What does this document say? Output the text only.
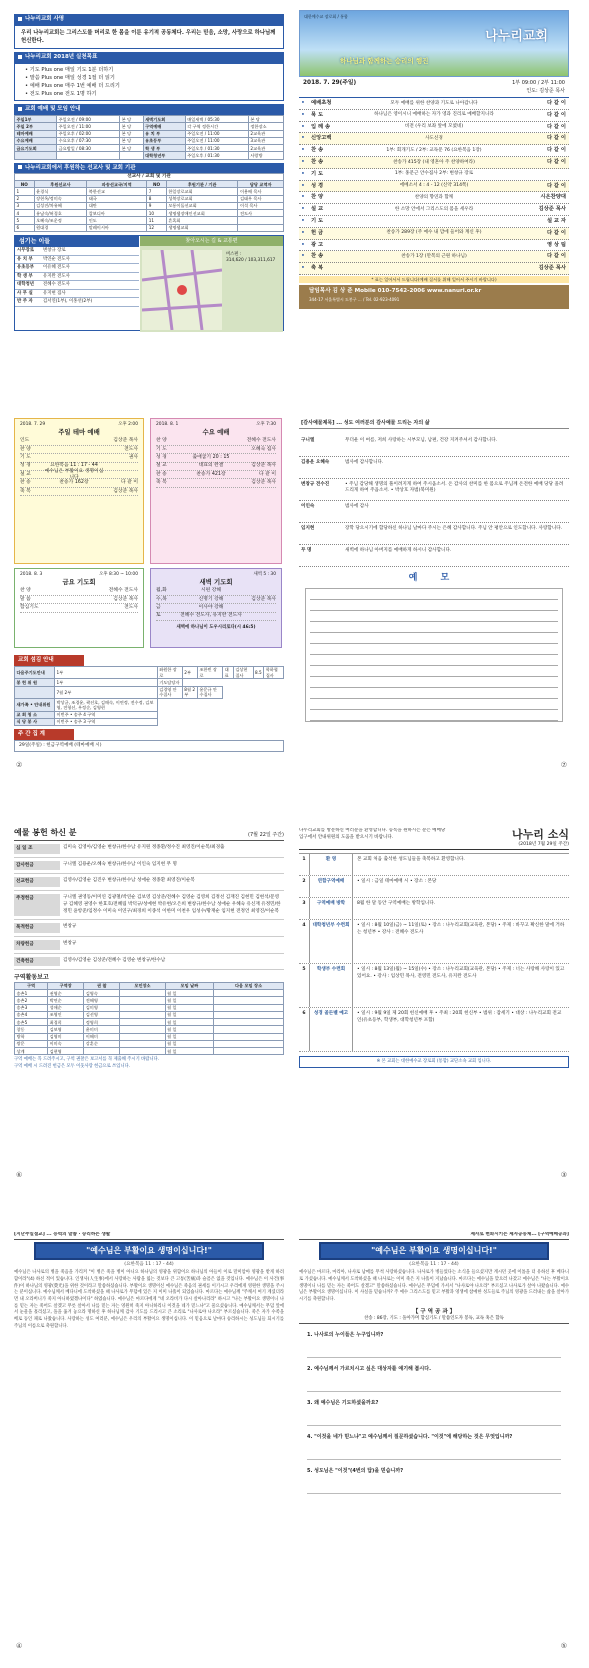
나누리교회 사명
우리 나누리교회는 그리스도를 머리로 한 몸을 이룬 유기적 공동체다. 우리는 믿음, 소망, 사랑으로 하나님께 헌신한다.
나누리교회 2018년 실천목표
• 기도 Plus one 매일 기도 1분 더하기
• 말씀 Plus one 매일 성경 1절 더 읽기
• 예배 Plus one 매주 1번 예배 더 드리기
• 전도 Plus one 전도 1명 하기
교회 예배 및 모임 안내
주일1부	주일오전 / 09:00	본 당	새벽기도회	매일새벽 / 05:30	본 당
주일 2부	주일오전 / 11:00	본 당	구역예배	각 구역 정한시간	정한장소
테마예배	주일오후 / 02:00	본 당	유 치 부	주일오전 / 11:00	2교육관
수요예배	수요오후 / 07:30	본 당	유초등부	주일오전 / 11:00	3교육관
금요기도회	금요밤일 / 08:30	본 당	학 생 부	주일오후 / 01:30	2교육관
			대학청년부	주일오후 / 01:30	사랑방
나누리교회에서 후원하는 선교사 및 교회 기관
선교사 / 교회 및 기관
NO	후원선교사	파송선교국/지역	NO	후원기관 / 기관	담당 교역자
1	윤경식	북한선교	7	한일장로교회	이용배 목사
2	장현옥/정미숙	태국	8	성북장로교회	김태우 목사
3	김성진/차유혜	대만	9	모퉁이돌선교회	이석 목사
4	유남숙/허경호	캄보디아	10	생명샘장애인선교회	전도사
5	오혜숙/조운정	인도	11	흔혹회	
6	원대경	말레이시아	12	생명샘교회	
섬기는 이들
시무장로	변창규 장로
유 치 부	박연순 전도사
유초등부	이유혜 전도사
학 생 부	유지완 전도사
대학청년	전혜수 전도사
사 무 실	유지현 집사
반 주 자	김서연(1부), 이홍선(2부)
찾아오시는 길 & 교통편
버스편 :
314,620 / 103,311,617
대한예수교 장로회 / 통합
나누리교회
하나님과 함께하는 승리의 행진
2018. 7. 29(주일)	1부 09:00 / 2부 11:00
인도: 김상준 목사
•	예배초청	모두 예배를 위한 찬양과 기도로 나아갑니다	다 같 이
•	묵 도	하나님은 영이시니 예배하는 자가 영과 진리로 예배할지니라	다 같 이
•	입 례 송	비전 (우리 보좌 앞에 모였네)	다 같 이
•	신앙고백	사도신경	다 같 이
•	찬 송	1부: 회개기도 / 2부: 교독문 76 (요한복음 1장)	다 같 이
•	찬 송	찬송가 415장 (내 영혼아 주 찬양하여라)	다 같 이
•	기 도	1부: 홍문근 안수집사 2부: 변창규 장로
•	성 경	에베소서 4 : 4 - 12 (신약 314쪽)	다 같 이
•	찬 양	찬양의 향연과 함께	시온찬양대
•	설 교	한 소망 안에서 그리스도의 몸을 세우라	김상준 목사
•	기 도	설 교 자
•	헌 금	찬송가 289장 (주 예수 내 맘에 들어와 계신 후)	다 같 이
•	광 고	영 상 팀
•	찬 송	찬송가 1장 (만복의 근원 하나님)	다 같 이
•	축 복	김상준 목사
* 표는 일어서서 드립니다(예배 질서를 위해 일어서 주시기 바랍니다)
담임목사 김 상 준 Mobile 010-7542-2006 www.nanuri.or.kr
344-17 서울특별시 도봉구 ... / Tel. 02-923-4091
2018. 7. 29	오후 2:00
주일 테마 예배
인도	김상준 목사
찬 양	전도사
기 도	권사
성 경	요한복음 11 : 17 - 44
설 교
예수님은 부활이요 생명이십니다
찬 송	찬송가 162장	다 같 이
축 복	김상준 목사
2018. 8. 1	오후 7:30
수요 예배
찬 양	전혜수 전도사
기 도	오혜숙 집사
성 경	출애굽기 20 : 15
설 교	대표의 완결	김상준 목사
찬 송	찬송가 421장	다 같 이
축 복	김상준 목사
2018. 8. 3	오후 8:30 ~ 10:00
금요 기도회
찬 양	전혜수 전도사
말 씀	김상준 목사
합심기도	전도사
새벽 5 : 30
새벽 기도회
월,화	시편 강해
수,목	신명기 강해	김상준 목사
금	이사야 강해
토	전혜수 전도사, 유지완 전도사
새벽에 하나님이 도우시리로다(시 46:5)
교회 섬김 안내
다음주기도안내	1부	좌원한 장로	2부	조한빈 장로	대표	김상현 집사	8.5	학하협 집사
봉 헌 위 원	1부	기도담당자						
	7월 2부	김경영 안수집사	8월 2부	윤문규 안수집사				
새가족 • 안내위원	박상균, 조경윤, 곽선호, 김매숙, 이연정, 전수정, 김보영, 전형선, 우정순, 김영현							
교 회 청 소	이번주 • 송주 4 구역							
식 당 봉 사	이번주 • 송주 3 구역							
주 간 집 계
29일(주일) : 헌금구역예배 (테마예배 시)
②
[감사예물제목] ... 성도 여러분의 감사예물 드리는 자의 삶
구니엘	무더운 이 여름, 저희 사랑하는 시부모님, 남편, 건강 지켜주셔서 감사합니다.
김용운 오혜숙	범사에 감사합니다.
변창규 전수진	• 주님 감당해 생명의 풀이려지게 하여 주시옵소서. 온 감사의 찬미를 한 몸으로 주님께 온전한 예배 당당 올려드리게 하여 주옵소서. • 박상호 자범(북미원)
이인숙	범사에 감사
임지현	장학 당으시기에 합당하신 하나님 날마다 주시는 은혜 감사합니다. 주님 안 평안으로 인도합니다. 사랑합니다.
무 명	새벽에 하나님 아버지를 예배하게 하시니 감사합니다.
예 모
⑦
예물 봉헌 하신 분	(7월 22일 주간)
십 일 조	김미숙 김영아/김영순 변창규/한수남 유지원 정종환/정수진 최영진/이순복/최경출
감사헌금	구니엘 김용운/오혜숙 변창규/한수남 이인숙 임지현 무 명
선교헌금	김영수/김영순 김진우 변창규/한수남 성애순 정종환 최영진/이순복
주정헌금	구니엘 권영동/이미연 김광철/박연순 김보영 김상준/전혜수 김영순 김영희 김정선 김재진 김현민 김현석/문영규 김혜영 권영수 한효호/전혜림 박덕규/성예현 박유현/오은희 변창규/한수남 성애순 우혜숙 유신재 유정민/한정민 윤항준/임정수 이미숙 이연구/최경희 이종석 이한미 이천우 임성수/황재순 임지현 전정언 최영진/이순복
목적헌금	변창규
차량헌금	변창규
건축헌금	김영수/김영순 김상준/전혜수 김영순 변창규/한수남
구역활동보고
구역	구역장	권 찰	모인장소	모임 날짜	다음 모임 장소
송촌1	권영순	김영숙		월 일	
송촌2	박연순	전해영		월 일	
송촌3	성애순	김미영		월 일	
송촌4	조영인	김선영		월 일	
송촌5	최경희	정영희		월 일	
창동	김보영	윤미미		월 일	
방학	김영미	이해미		월 일	
쌍문	이미숙	강훈순		월 일	
상계	김현영			월 일	
구역 예배는 꼭 드려주시고, 구역 권찰은 보고서를 꼭 제출해 주시기 바랍니다.
구역 예배 시 드려진 헌금은 모두 이웃사랑 헌금으로 쓰입니다.
⑥
나누리교회를 방문하신 여러분을 환영합니다. 등록을 원하시는 분은 예배당 입구에서 안내위원의 도움을 받으시기 바랍니다.	나누리 소식
(2018년 7월 29일 주간)
1	환 영	본 교회 처음 출석한 성도님들을 축복하고 환영합니다.
2	연합구역예배	• 일시 : 금일 테마예배 시 • 장소 : 본당
3	구역예배 방학	8월 한 달 동안 구역예배는 방학입니다.
4	대학청년부 수련회	• 일시 : 8월 10일(금) ~ 11일(토) • 장소 : 나누리교회(교육관, 본당) • 주제 : 바꾸고 확신한 말에 거하는 청년부 • 강사 : 전혜수 전도사
5	학생부 수련회	• 일시 : 8월 13일(월) ~ 15일(수) • 장소 : 나누리교회(교육관, 본당) • 주제 : 너는 사랑해 사랑이 있고 있어요. • 강사 : 임상민 목사, 전영민 전도사, 유지완 전도사
6	성경 골든벨 예고	• 일시 : 9월 9일 제 20회 헌신예배 후 • 주최 : 20회 헌신부 • 범위 : 잠세기 • 대상 : 나누리교회 전교인(유초등부, 학생부, 대학청년부 포함)
※ 본 교회는 대한예수교 장로회 (통합) 교단소속 교회 입니다.
③
[지난주일설교] ... 능력의 말씀 · 승리하는 생활
"예수님은 부활이요 생명이십니다!"
(요한복음 11 : 17 - 44)
예수님은 나사로의 병을 죽음을 가리켜 "이 병은 죽을 병이 아니요 하나님의 영광을 위함이요 하나님의 아들이 이로 말미암아 영광을 받게 하려 함이라"(4) 하신 적이 있습니다. 인생사(人生事)에서 사랑하는 사람을 잃는 것보다 큰 고통(苦痛)과 슬픔은 없을 것입니다. 예수님은 이 사건(事件)이 하나님의 영광(榮光)을 위한 것이라고 말씀하셨습니다. 부활이요 생명이신 예수님은 죽음의 권세를 이기시고 우리에게 영원한 생명을 주시는 분이십니다. 예수님께서 베다니에 도착하셨을 때 나사로가 무덤에 있은 지 이미 나흘이 되었습니다. 마르다는 예수님께 "주께서 여기 계셨더라면 내 오라버니가 죽지 아니하였겠나이다" 하였습니다. 예수님은 마르다에게 "네 오라비가 다시 살아나리라" 하시고 "나는 부활이요 생명이니 나를 믿는 자는 죽어도 살겠고 무릇 살아서 나를 믿는 자는 영원히 죽지 아니하리니 이것을 네가 믿느냐"고 물으셨습니다. 예수님께서는 무덤 앞에서 눈물을 흘리셨고, 돌을 옮겨 놓으라 명하신 후 하나님께 감사 기도를 드리시고 큰 소리로 "나사로야 나오라" 부르셨습니다. 죽은 자가 수족을 베로 동인 채로 나왔습니다. 사랑하는 성도 여러분, 예수님은 우리의 부활이요 생명이십니다. 이 믿음으로 날마다 승리하시는 성도님들 되시기를 주님의 이름으로 축원합니다.
④
제자로 변화시키는 제자공동체... [구역예배공과]
"예수님은 부활이요 생명이십니다!"
(요한복음 11 : 17 - 44)
예수님은 마르다, 마리아, 나사로 남매를 무척 사랑하셨습니다. 나사로가 병들었다는 소식을 들으셨지만 계시던 곳에 이틀을 더 유하신 후 베다니로 가셨습니다. 예수님께서 도착하셨을 때 나사로는 이미 죽은 지 나흘이 지났습니다. 마르다는 예수님을 맞으러 나갔고 예수님은 "나는 부활이요 생명이니 나를 믿는 자는 죽어도 살겠고" 말씀하셨습니다. 예수님은 무덤에 가셔서 "나사로야 나오라" 부르셨고 나사로가 살아 나왔습니다. 예수님은 부활이요 생명이십니다. 이 사실을 믿습니까? 주 예수 그리스도를 믿고 부활과 영생에 참예한 성도들로 주님의 영광을 드러내는 삶을 살아가시기를 축원합니다.
【 구 역 공 과 】
찬송 : 86장, 기도 : 돌아가며 합심기도 / 말씀인도자 봉독, 교독 혹은 합독
1. 나사로의 누이들은 누구입니까?
2. 예수님께서 가르치시고 싶은 대상자를 얘기해 봅시다.
3. 왜 예수님은 기도하셨을까요?
4. "이것을 네가 믿느냐"고 예수님께서 질문하셨습니다. "이것"에 해당하는 것은 무엇입니까?
5. 성도님은 "이것"(4번의 답)을 믿습니까?
⑤
